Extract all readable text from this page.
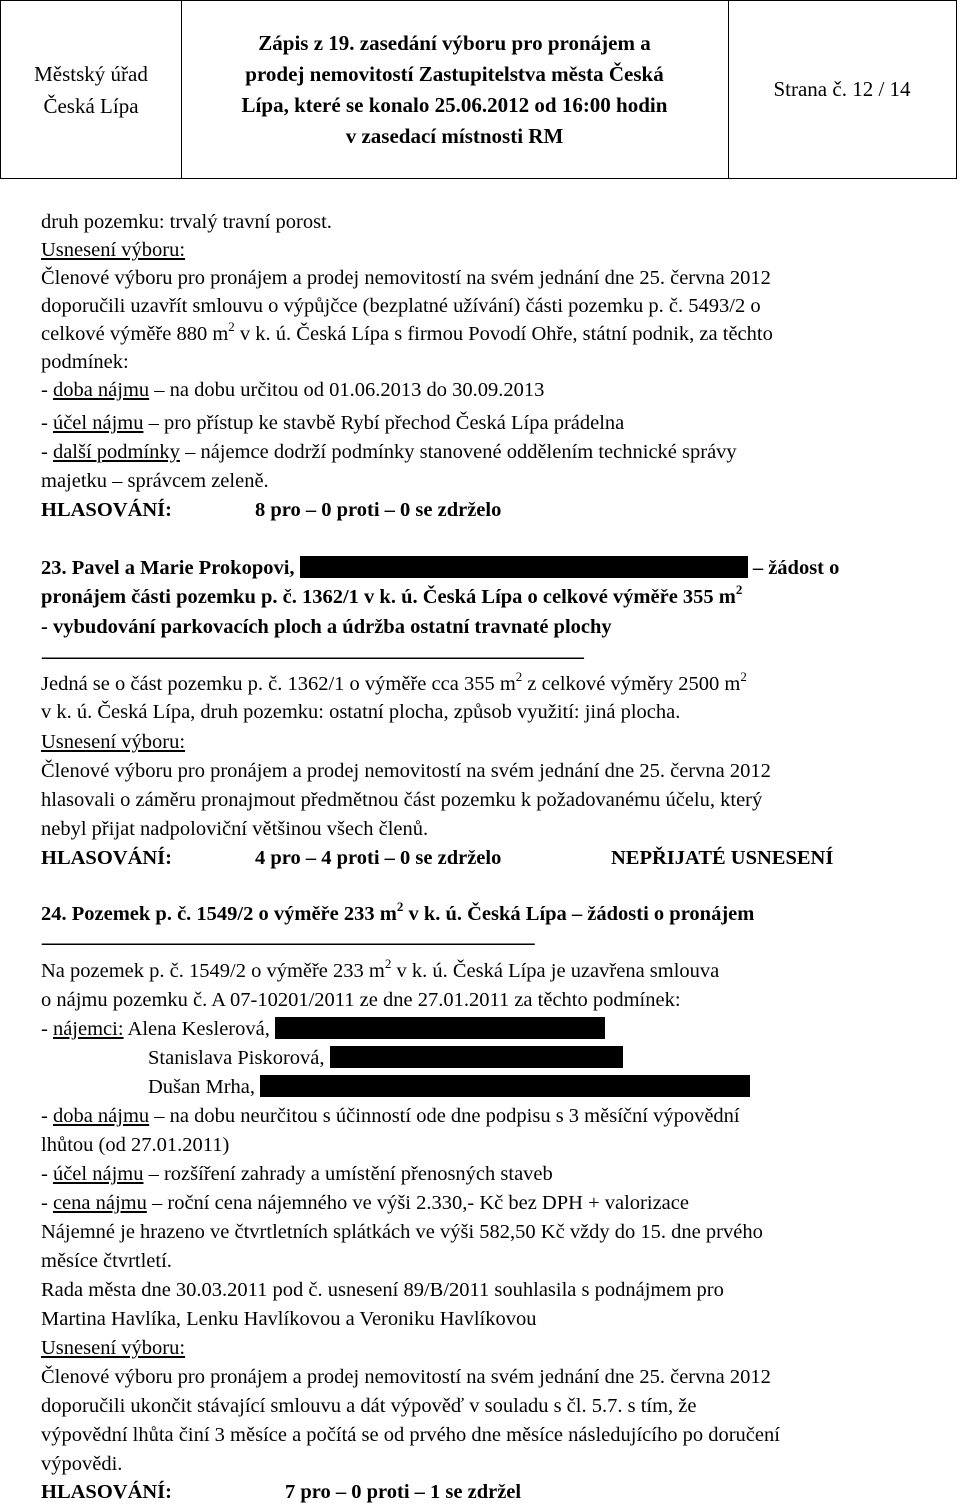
Městský úřad
Česká Lípa
Zápis z 19. zasedání výboru pro pronájem a
prodej nemovitostí Zastupitelstva města Česká
Lípa, které se konalo 25.06.2012 od 16:00 hodin
v zasedací místnosti RM
Strana č. 12 / 14
druh pozemku: trvalý travní porost.
Usnesení výboru:
Členové výboru pro pronájem a prodej nemovitostí na svém jednání dne 25. června 2012
doporučili uzavřít smlouvu o výpůjčce (bezplatné užívání) části pozemku p. č. 5493/2 o
celkové výměře 880 $m^2$ v k. ú. Česká Lípa s firmou Povodí Ohře, státní podnik, za těchto
podmínek:
- doba nájmu – na dobu určitou od 01.06.2013 do 30.09.2013
- účel nájmu – pro přístup ke stavbě Rybí přechod Česká Lípa prádelna
- další podmínky – nájemce dodrží podmínky stanovené oddělením technické správy
majetku – správcem zeleně.
HLASOVÁNÍ:	8 pro – 0 proti – 0 se zdrželo
23. Pavel a Marie Prokopovi,	– žádost o
pronájem části pozemku p. č. 1362/1 v k. ú. Česká Lípa o celkové výměře 355 $m^2$
- vybudování parkovacích ploch a údržba ostatní travnaté plochy
--------------------------------------------------------------------------------------------------------------
Jedná se o část pozemku p. č. 1362/1 o výměře cca 355 $m^2$ z celkové výměry 2500 $m^2$
v k. ú. Česká Lípa, druh pozemku: ostatní plocha, způsob využití: jiná plocha.
Usnesení výboru:
Členové výboru pro pronájem a prodej nemovitostí na svém jednání dne 25. června 2012
hlasovali o záměru pronajmout předmětnou část pozemku k požadovanému účelu, který
nebyl přijat nadpoloviční většinou všech členů.
HLASOVÁNÍ:	4 pro – 4 proti – 0 se zdrželo	NEPŘIJATÉ USNESENÍ
24. Pozemek p. č. 1549/2 o výměře 233 $m^2$ v k. ú. Česká Lípa – žádosti o pronájem
----------------------------------------------------------------------------------------------------
Na pozemek p. č. 1549/2 o výměře 233 $m^2$ v k. ú. Česká Lípa je uzavřena smlouva
o nájmu pozemku č. A 07-10201/2011 ze dne 27.01.2011 za těchto podmínek:
- nájemci: Alena Keslerová,
Stanislava Piskorová,
Dušan Mrha,
- doba nájmu – na dobu neurčitou s účinností ode dne podpisu s 3 měsíční výpovědní
lhůtou (od 27.01.2011)
- účel nájmu – rozšíření zahrady a umístění přenosných staveb
- cena nájmu – roční cena nájemného ve výši 2.330,- Kč bez DPH + valorizace
Nájemné je hrazeno ve čtvrtletních splátkách ve výši 582,50 Kč vždy do 15. dne prvého
měsíce čtvrtletí.
Rada města dne 30.03.2011 pod č. usnesení 89/B/2011 souhlasila s podnájmem pro
Martina Havlíka, Lenku Havlíkovou a Veroniku Havlíkovou
Usnesení výboru:
Členové výboru pro pronájem a prodej nemovitostí na svém jednání dne 25. června 2012
doporučili ukončit stávající smlouvu a dát výpověď v souladu s čl. 5.7. s tím, že
výpovědní lhůta činí 3 měsíce a počítá se od prvého dne měsíce následujícího po doručení
výpovědi.
HLASOVÁNÍ:	7 pro – 0 proti – 1 se zdržel
